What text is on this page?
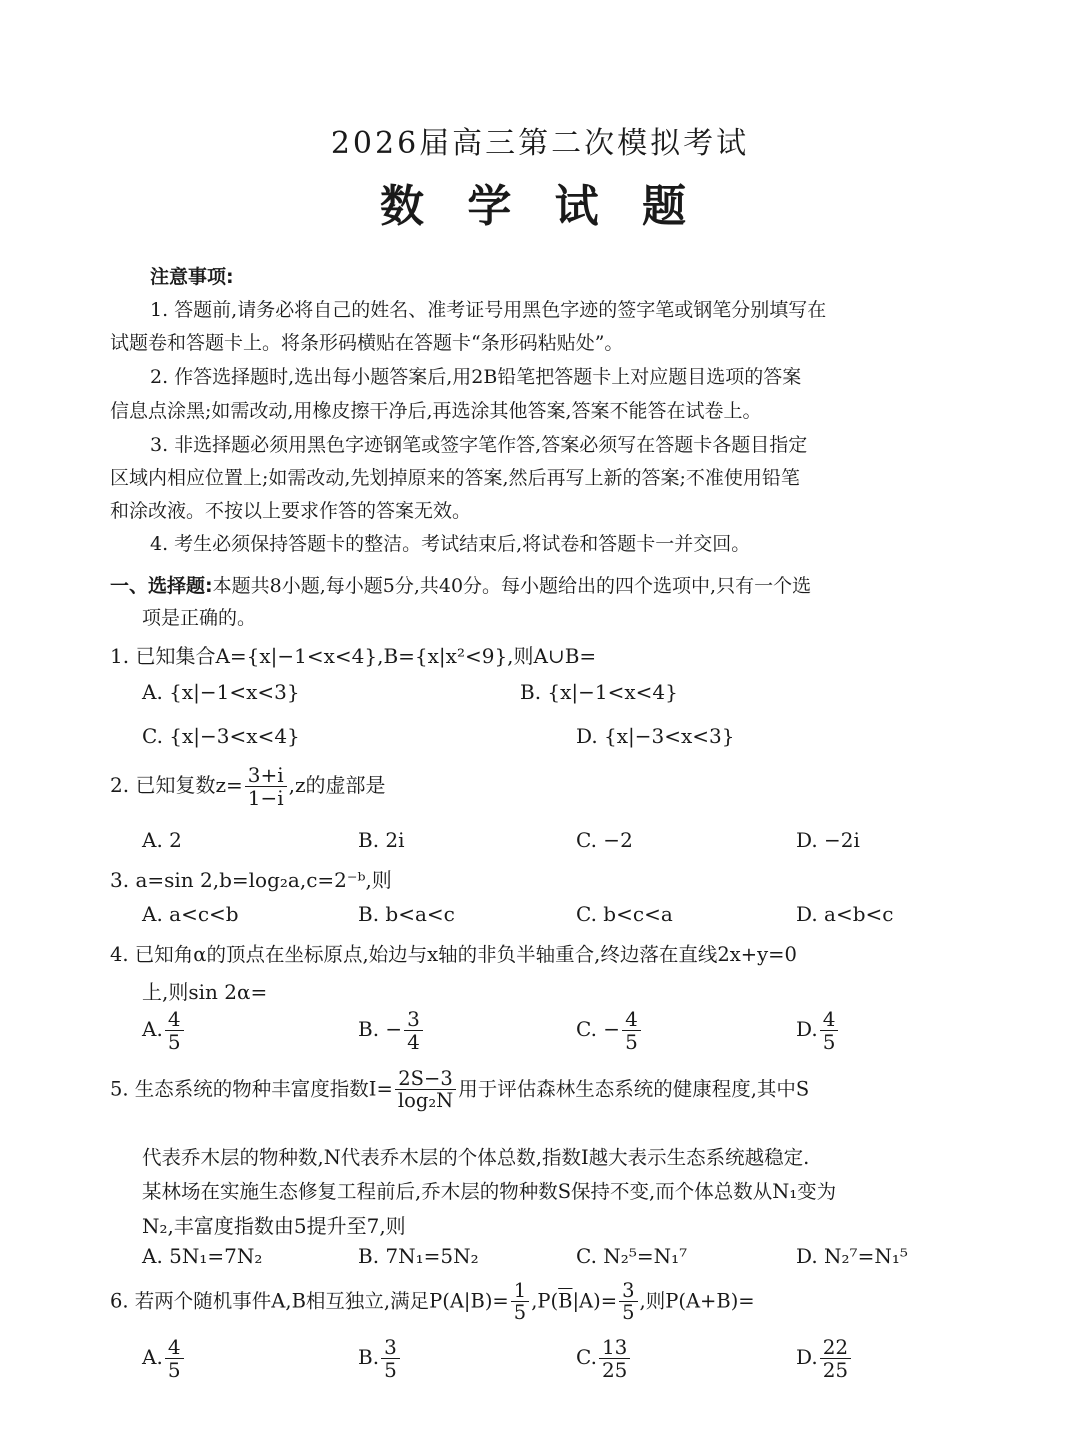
2026届高三第二次模拟考试
数 学 试 题
注意事项:
1. 答题前,请务必将自己的姓名、准考证号用黑色字迹的签字笔或钢笔分别填写在
试题卷和答题卡上。将条形码横贴在答题卡“条形码粘贴处”。
2. 作答选择题时,选出每小题答案后,用2B铅笔把答题卡上对应题目选项的答案
信息点涂黑;如需改动,用橡皮擦干净后,再选涂其他答案,答案不能答在试卷上。
3. 非选择题必须用黑色字迹钢笔或签字笔作答,答案必须写在答题卡各题目指定
区域内相应位置上;如需改动,先划掉原来的答案,然后再写上新的答案;不准使用铅笔
和涂改液。不按以上要求作答的答案无效。
4. 考生必须保持答题卡的整洁。考试结束后,将试卷和答题卡一并交回。
一、选择题:本题共8小题,每小题5分,共40分。每小题给出的四个选项中,只有一个选
项是正确的。
1. 已知集合A={x|−1<x<4},B={x|x²<9},则A∪B=
A. {x|−1<x<3}	B. {x|−1<x<4}
C. {x|−3<x<4}	D. {x|−3<x<3}
2. 已知复数$z= \frac{3+i}{1-i} ,z$的虚部是
A. 2	B. 2i	C. −2	D. −2i
3. a=sin 2,b=log₂a,c=2⁻ᵇ,则
A. a<c<b	B. b<a<c	C. b<c<a	D. a<b<c
4. 已知角α的顶点在坐标原点,始边与x轴的非负半轴重合,终边落在直线2x+y=0
上,则sin 2α=
A. $\frac{4}{5}$	B. − $\frac{3}{4}$	C. − $\frac{4}{5}$	D. $\frac{4}{5}$
5. 生态系统的物种丰富度指数$I= \frac{2S-3}{\text{log₂N}}$ 用于评估森林生态系统的健康程度,其中S
代表乔木层的物种数,N代表乔木层的个体总数,指数I越大表示生态系统越稳定.
某林场在实施生态修复工程前后,乔木层的物种数S保持不变,而个体总数从N₁变为
N₂,丰富度指数由5提升至7,则
A. 5N₁=7N₂	B. 7N₁=5N₂	C. N₂⁵=N₁⁷	D. N₂⁷=N₁⁵
6. 若两个随机事件A,B相互独立,满足$P(A|B)= \frac{1}{5} ,P(\overline{B}|A)= \frac{3}{5}$ ,则P(A+B)=
A. $\frac{4}{5}$	B. $\frac{3}{5}$	C. $\frac{13}{25}$	D. $\frac{22}{25}$
